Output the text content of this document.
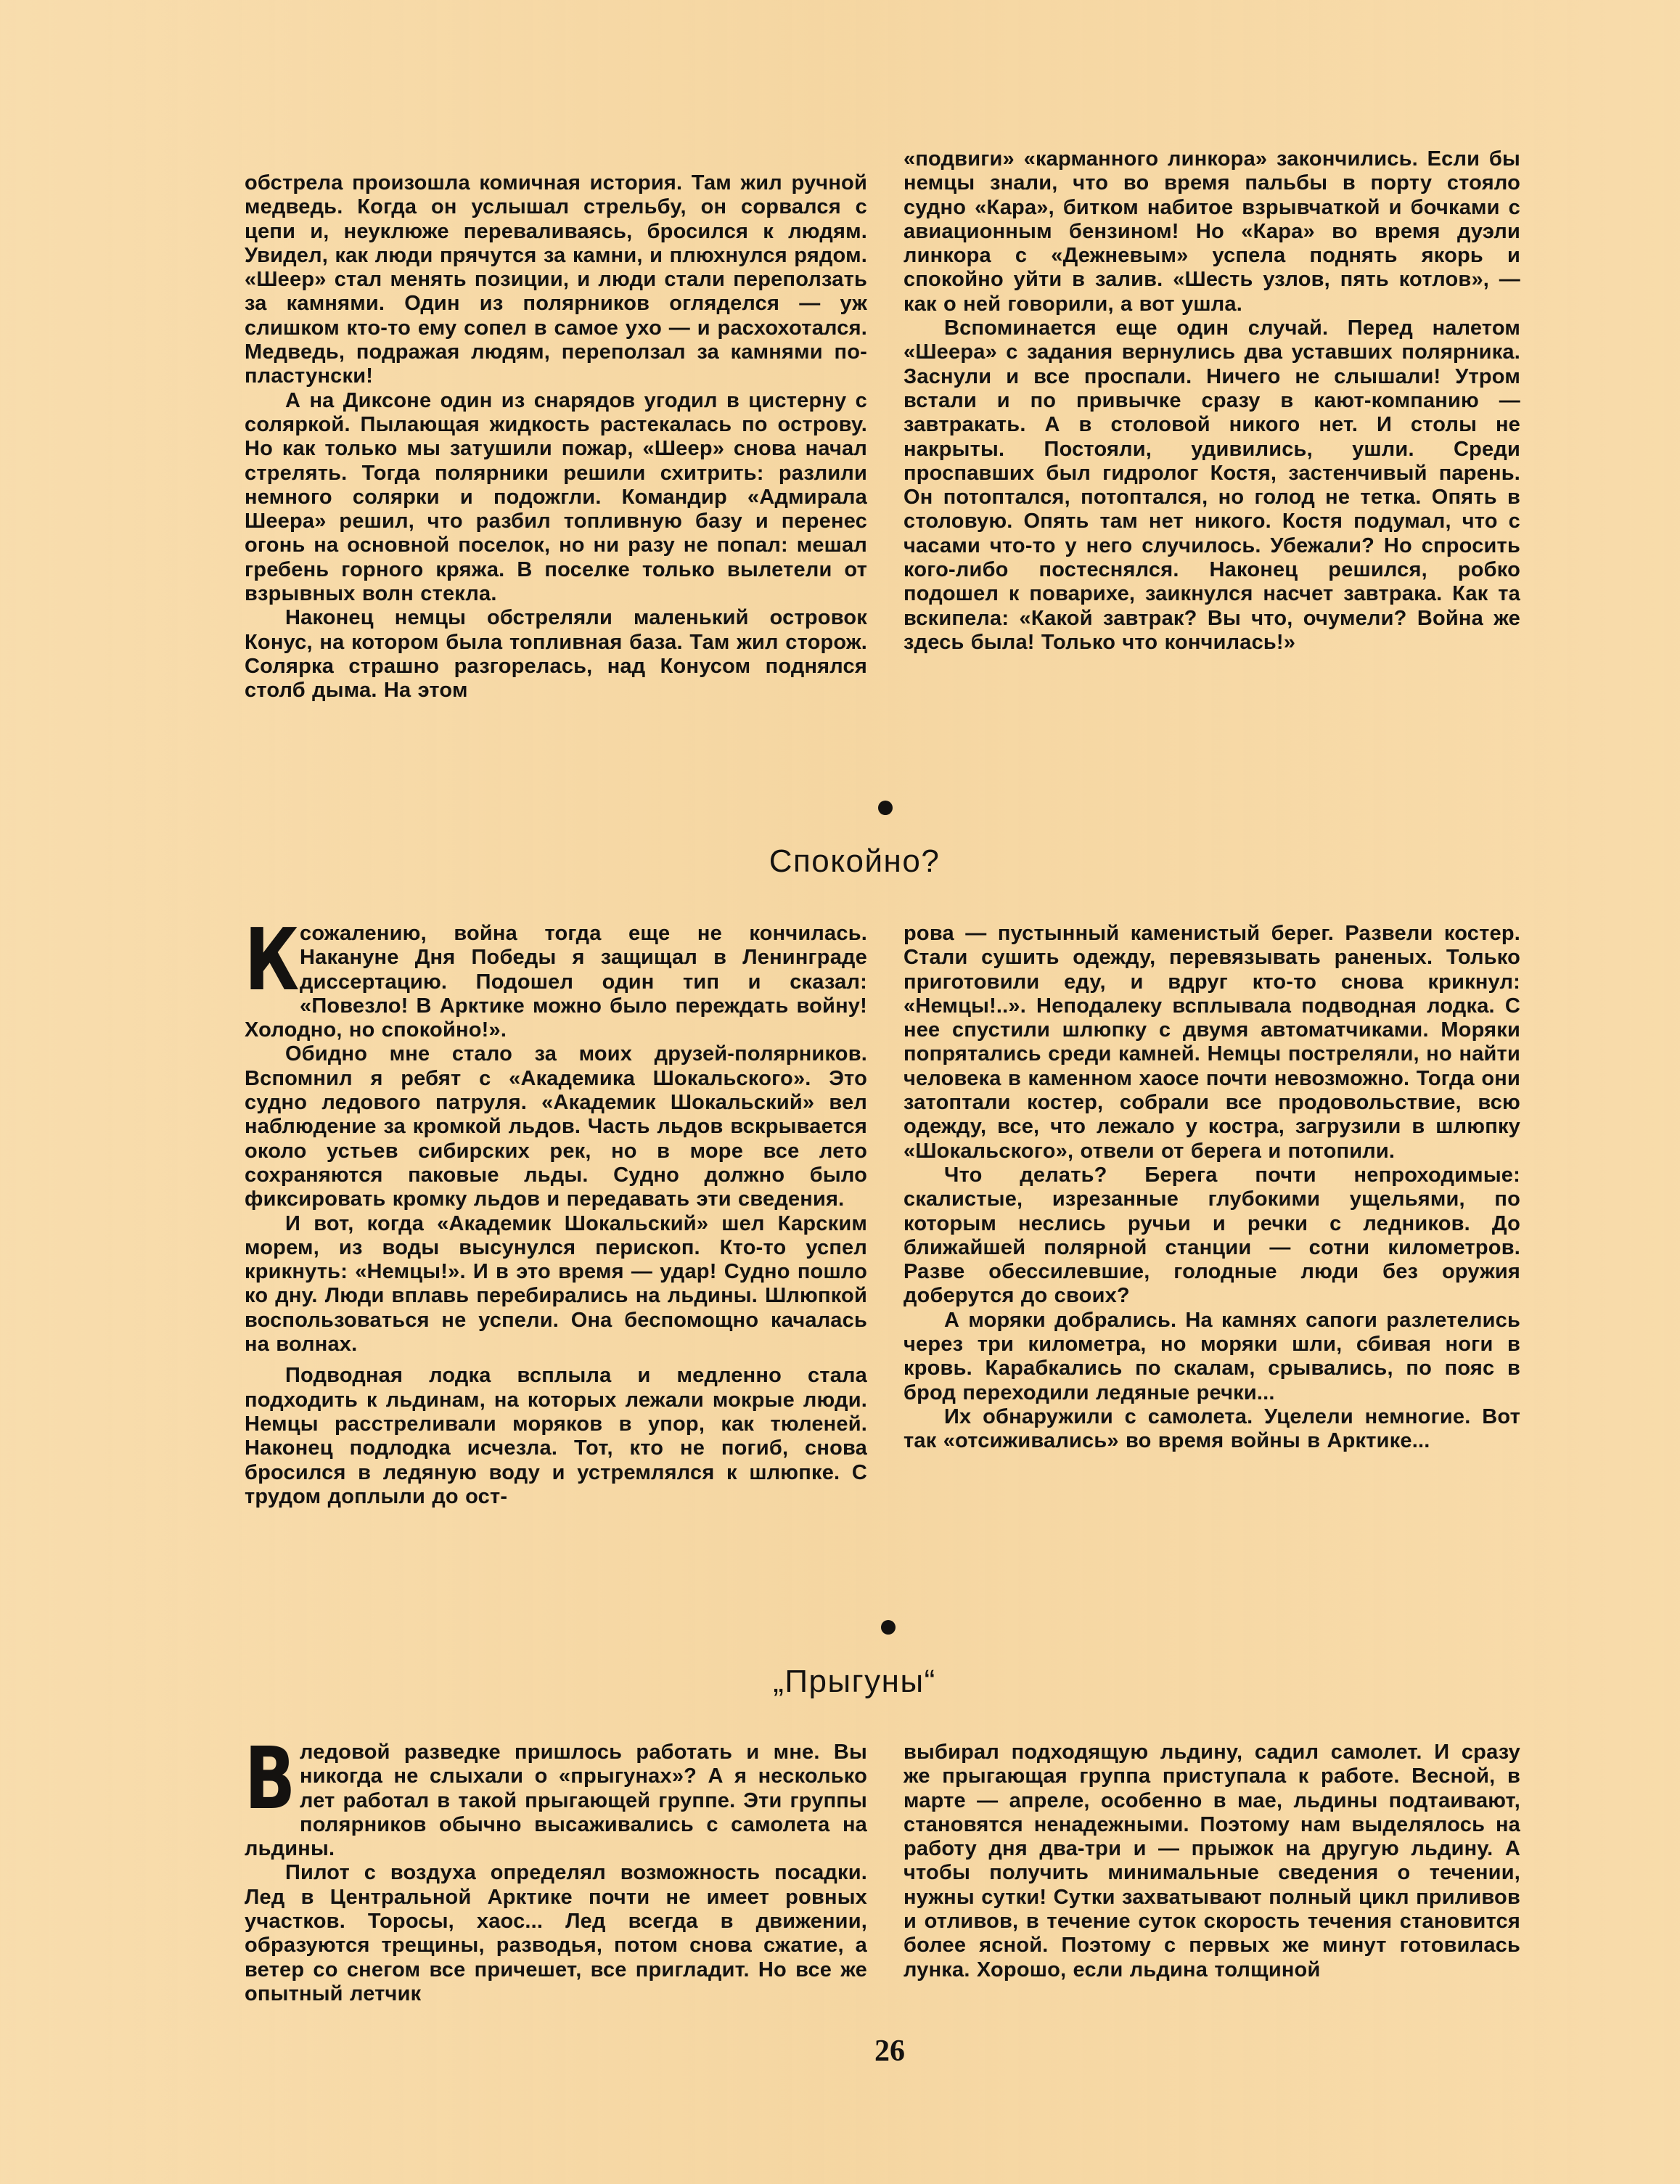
обстрела произошла комичная история. Там жил ручной медведь. Когда он услышал стрельбу, он сорвался с цепи и, неуклюже переваливаясь, бросился к людям. Увидел, как люди прячутся за камни, и плюхнулся рядом. «Шеер» стал менять позиции, и люди стали переползать за камнями. Один из полярников огляделся — уж слишком кто-то ему сопел в самое ухо — и расхохотался. Медведь, подражая людям, переползал за камнями по-пластунски!

А на Диксоне один из снарядов угодил в цистерну с соляркой. Пылающая жидкость растекалась по острову. Но как только мы затушили пожар, «Шеер» снова начал стрелять. Тогда полярники решили схитрить: разлили немного солярки и подожгли. Командир «Адмирала Шеера» решил, что разбил топливную базу и перенес огонь на основной поселок, но ни разу не попал: мешал гребень горного кряжа. В поселке только вылетели от взрывных волн стекла.

Наконец немцы обстреляли маленький островок Конус, на котором была топливная база. Там жил сторож. Солярка страшно разгорелась, над Конусом поднялся столб дыма. На этом

«подвиги» «карманного линкора» закончились. Если бы немцы знали, что во время пальбы в порту стояло судно «Кара», битком набитое взрывчаткой и бочками с авиационным бензином! Но «Кара» во время дуэли линкора с «Дежневым» успела поднять якорь и спокойно уйти в залив. «Шесть узлов, пять котлов», — как о ней говорили, а вот ушла.

Вспоминается еще один случай. Перед налетом «Шеера» с задания вернулись два уставших полярника. Заснули и все проспали. Ничего не слышали! Утром встали и по привычке сразу в кают-компанию — завтракать. А в столовой никого нет. И столы не накрыты. Постояли, удивились, ушли. Среди проспавших был гидролог Костя, застенчивый парень. Он потоптался, потоптался, но голод не тетка. Опять в столовую. Опять там нет никого. Костя подумал, что с часами что-то у него случилось. Убежали? Но спросить кого-либо постеснялся. Наконец решился, робко подошел к поварихе, заикнулся насчет завтрака. Как та вскипела: «Какой завтрак? Вы что, очумели? Война же здесь была! Только что кончилась!»

Спокойно?

Ксожалению, война тогда еще не кончилась. Накануне Дня Победы я защищал в Ленинграде диссертацию. Подошел один тип и сказал: «Повезло! В Арктике можно было переждать войну! Холодно, но спокойно!».

Обидно мне стало за моих друзей-полярников. Вспомнил я ребят с «Академика Шокальского». Это судно ледового патруля. «Академик Шокальский» вел наблюдение за кромкой льдов. Часть льдов вскрывается около устьев сибирских рек, но в море все лето сохраняются паковые льды. Судно должно было фиксировать кромку льдов и передавать эти сведения.

И вот, когда «Академик Шокальский» шел Карским морем, из воды высунулся перископ. Кто-то успел крикнуть: «Немцы!». И в это время — удар! Судно пошло ко дну. Люди вплавь перебирались на льдины. Шлюпкой воспользоваться не успели. Она беспомощно качалась на волнах.

Подводная лодка всплыла и медленно стала подходить к льдинам, на которых лежали мокрые люди. Немцы расстреливали моряков в упор, как тюленей. Наконец подлодка исчезла. Тот, кто не погиб, снова бросился в ледяную воду и устремлялся к шлюпке. С трудом доплыли до ост-

рова — пустынный каменистый берег. Развели костер. Стали сушить одежду, перевязывать раненых. Только приготовили еду, и вдруг кто-то снова крикнул: «Немцы!..». Неподалеку всплывала подводная лодка. С нее спустили шлюпку с двумя автоматчиками. Моряки попрятались среди камней. Немцы постреляли, но найти человека в каменном хаосе почти невозможно. Тогда они затоптали костер, собрали все продовольствие, всю одежду, все, что лежало у костра, загрузили в шлюпку «Шокальского», отвели от берега и потопили.

Что делать? Берега почти непроходимые: скалистые, изрезанные глубокими ущельями, по которым неслись ручьи и речки с ледников. До ближайшей полярной станции — сотни километров. Разве обессилевшие, голодные люди без оружия доберутся до своих?

А моряки добрались. На камнях сапоги разлетелись через три километра, но моряки шли, сбивая ноги в кровь. Карабкались по скалам, срывались, по пояс в брод переходили ледяные речки...

Их обнаружили с самолета. Уцелели немногие. Вот так «отсиживались» во время войны в Арктике...

„Прыгуны“

Вледовой разведке пришлось работать и мне. Вы никогда не слыхали о «прыгунах»? А я несколько лет работал в такой прыгающей группе. Эти группы полярников обычно высаживались с самолета на льдины.

Пилот с воздуха определял возможность посадки. Лед в Центральной Арктике почти не имеет ровных участков. Торосы, хаос... Лед всегда в движении, образуются трещины, разводья, потом снова сжатие, а ветер со снегом все причешет, все пригладит. Но все же опытный летчик

выбирал подходящую льдину, садил самолет. И сразу же прыгающая группа приступала к работе. Весной, в марте — апреле, особенно в мае, льдины подтаивают, становятся ненадежными. Поэтому нам выделялось на работу дня два-три и — прыжок на другую льдину. А чтобы получить минимальные сведения о течении, нужны сутки! Сутки захватывают полный цикл приливов и отливов, в течение суток скорость течения становится более ясной. Поэтому с первых же минут готовилась лунка. Хорошо, если льдина толщиной

26
